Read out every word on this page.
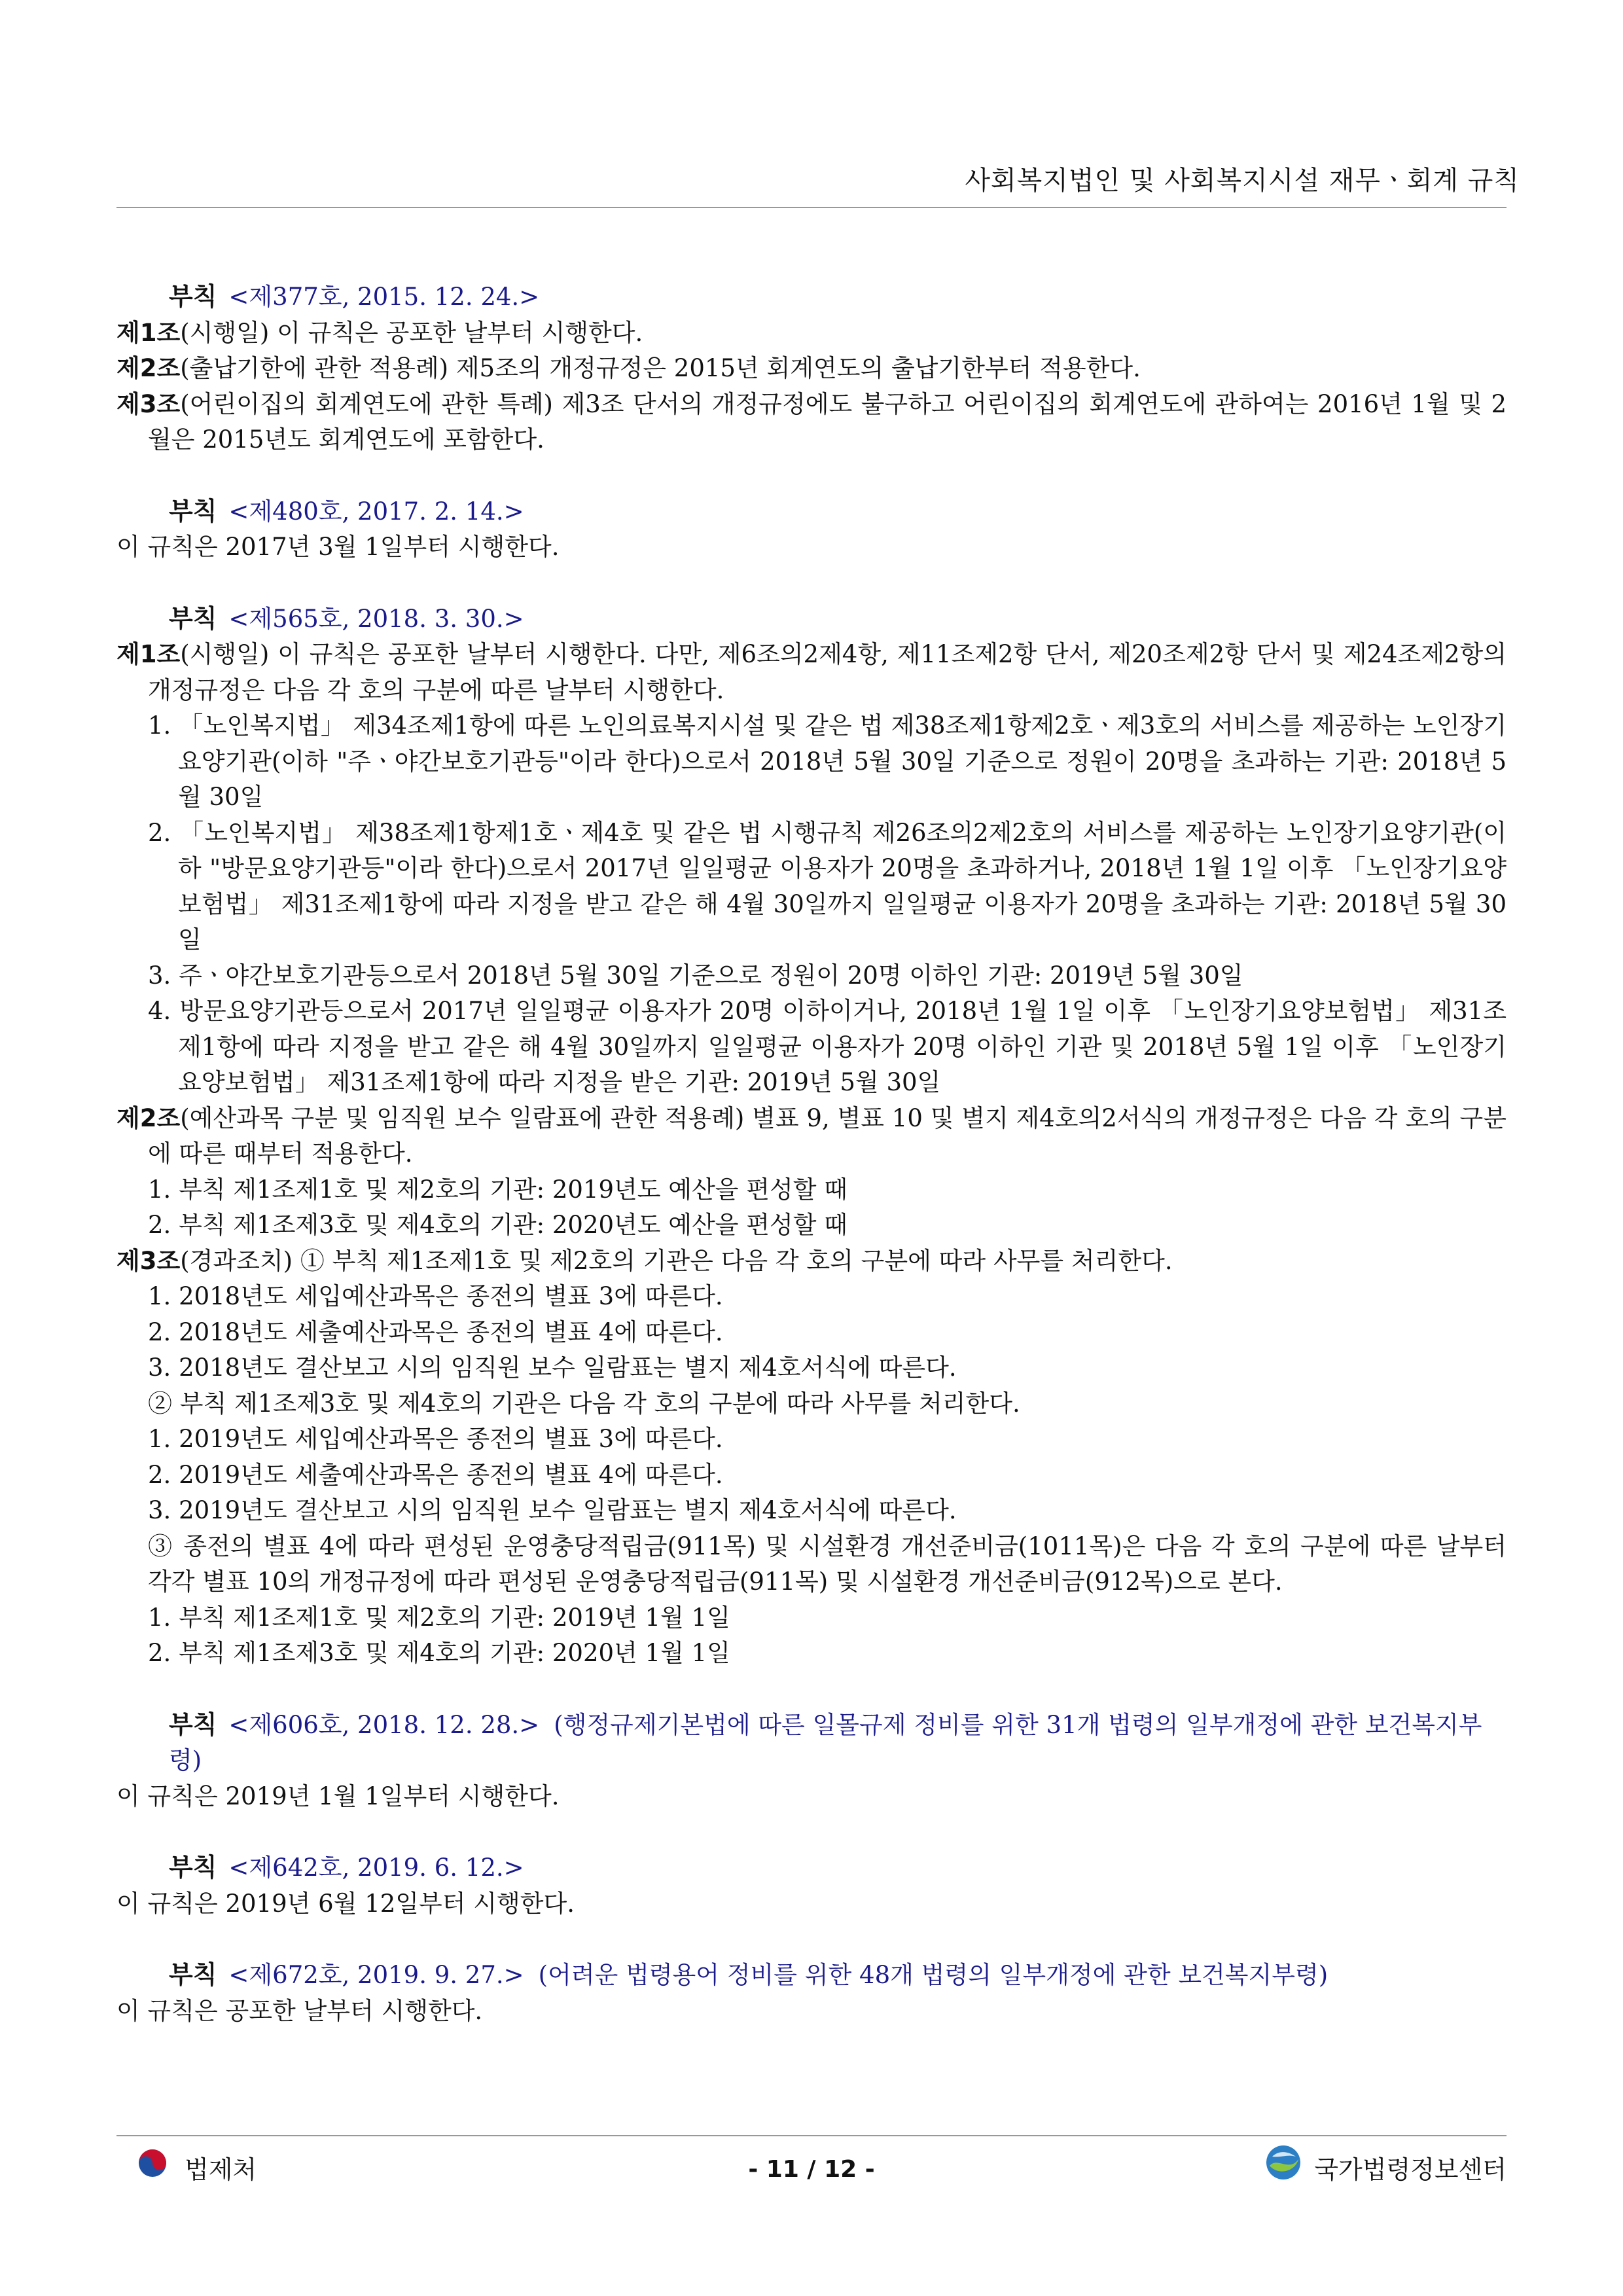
사회복지법인 및 사회복지시설 재무ㆍ회계 규칙
부칙 <제377호, 2015. 12. 24.>
제1조(시행일) 이 규칙은 공포한 날부터 시행한다.
제2조(출납기한에 관한 적용례) 제5조의 개정규정은 2015년 회계연도의 출납기한부터 적용한다.
제3조(어린이집의 회계연도에 관한 특례) 제3조 단서의 개정규정에도 불구하고 어린이집의 회계연도에 관하여는 2016년 1월 및 2월은 2015년도 회계연도에 포함한다.
부칙 <제480호, 2017. 2. 14.>
이 규칙은 2017년 3월 1일부터 시행한다.
부칙 <제565호, 2018. 3. 30.>
제1조(시행일) 이 규칙은 공포한 날부터 시행한다. 다만, 제6조의2제4항, 제11조제2항 단서, 제20조제2항 단서 및 제24조제2항의 개정규정은 다음 각 호의 구분에 따른 날부터 시행한다.
1. 「노인복지법」 제34조제1항에 따른 노인의료복지시설 및 같은 법 제38조제1항제2호ㆍ제3호의 서비스를 제공하는 노인장기요양기관(이하 "주ㆍ야간보호기관등"이라 한다)으로서 2018년 5월 30일 기준으로 정원이 20명을 초과하는 기관: 2018년 5월 30일
2. 「노인복지법」 제38조제1항제1호ㆍ제4호 및 같은 법 시행규칙 제26조의2제2호의 서비스를 제공하는 노인장기요양기관(이하 "방문요양기관등"이라 한다)으로서 2017년 일일평균 이용자가 20명을 초과하거나, 2018년 1월 1일 이후 「노인장기요양보험법」 제31조제1항에 따라 지정을 받고 같은 해 4월 30일까지 일일평균 이용자가 20명을 초과하는 기관: 2018년 5월 30일
3. 주ㆍ야간보호기관등으로서 2018년 5월 30일 기준으로 정원이 20명 이하인 기관: 2019년 5월 30일
4. 방문요양기관등으로서 2017년 일일평균 이용자가 20명 이하이거나, 2018년 1월 1일 이후 「노인장기요양보험법」 제31조제1항에 따라 지정을 받고 같은 해 4월 30일까지 일일평균 이용자가 20명 이하인 기관 및 2018년 5월 1일 이후 「노인장기요양보험법」 제31조제1항에 따라 지정을 받은 기관: 2019년 5월 30일
제2조(예산과목 구분 및 임직원 보수 일람표에 관한 적용례) 별표 9, 별표 10 및 별지 제4호의2서식의 개정규정은 다음 각 호의 구분에 따른 때부터 적용한다.
1. 부칙 제1조제1호 및 제2호의 기관: 2019년도 예산을 편성할 때
2. 부칙 제1조제3호 및 제4호의 기관: 2020년도 예산을 편성할 때
제3조(경과조치) ① 부칙 제1조제1호 및 제2호의 기관은 다음 각 호의 구분에 따라 사무를 처리한다.
1. 2018년도 세입예산과목은 종전의 별표 3에 따른다.
2. 2018년도 세출예산과목은 종전의 별표 4에 따른다.
3. 2018년도 결산보고 시의 임직원 보수 일람표는 별지 제4호서식에 따른다.
② 부칙 제1조제3호 및 제4호의 기관은 다음 각 호의 구분에 따라 사무를 처리한다.
1. 2019년도 세입예산과목은 종전의 별표 3에 따른다.
2. 2019년도 세출예산과목은 종전의 별표 4에 따른다.
3. 2019년도 결산보고 시의 임직원 보수 일람표는 별지 제4호서식에 따른다.
③ 종전의 별표 4에 따라 편성된 운영충당적립금(911목) 및 시설환경 개선준비금(1011목)은 다음 각 호의 구분에 따른 날부터 각각 별표 10의 개정규정에 따라 편성된 운영충당적립금(911목) 및 시설환경 개선준비금(912목)으로 본다.
1. 부칙 제1조제1호 및 제2호의 기관: 2019년 1월 1일
2. 부칙 제1조제3호 및 제4호의 기관: 2020년 1월 1일
부칙 <제606호, 2018. 12. 28.> (행정규제기본법에 따른 일몰규제 정비를 위한 31개 법령의 일부개정에 관한 보건복지부령)
이 규칙은 2019년 1월 1일부터 시행한다.
부칙 <제642호, 2019. 6. 12.>
이 규칙은 2019년 6월 12일부터 시행한다.
부칙 <제672호, 2019. 9. 27.> (어려운 법령용어 정비를 위한 48개 법령의 일부개정에 관한 보건복지부령)
이 규칙은 공포한 날부터 시행한다.
법제처	- 11 / 12 -	국가법령정보센터
